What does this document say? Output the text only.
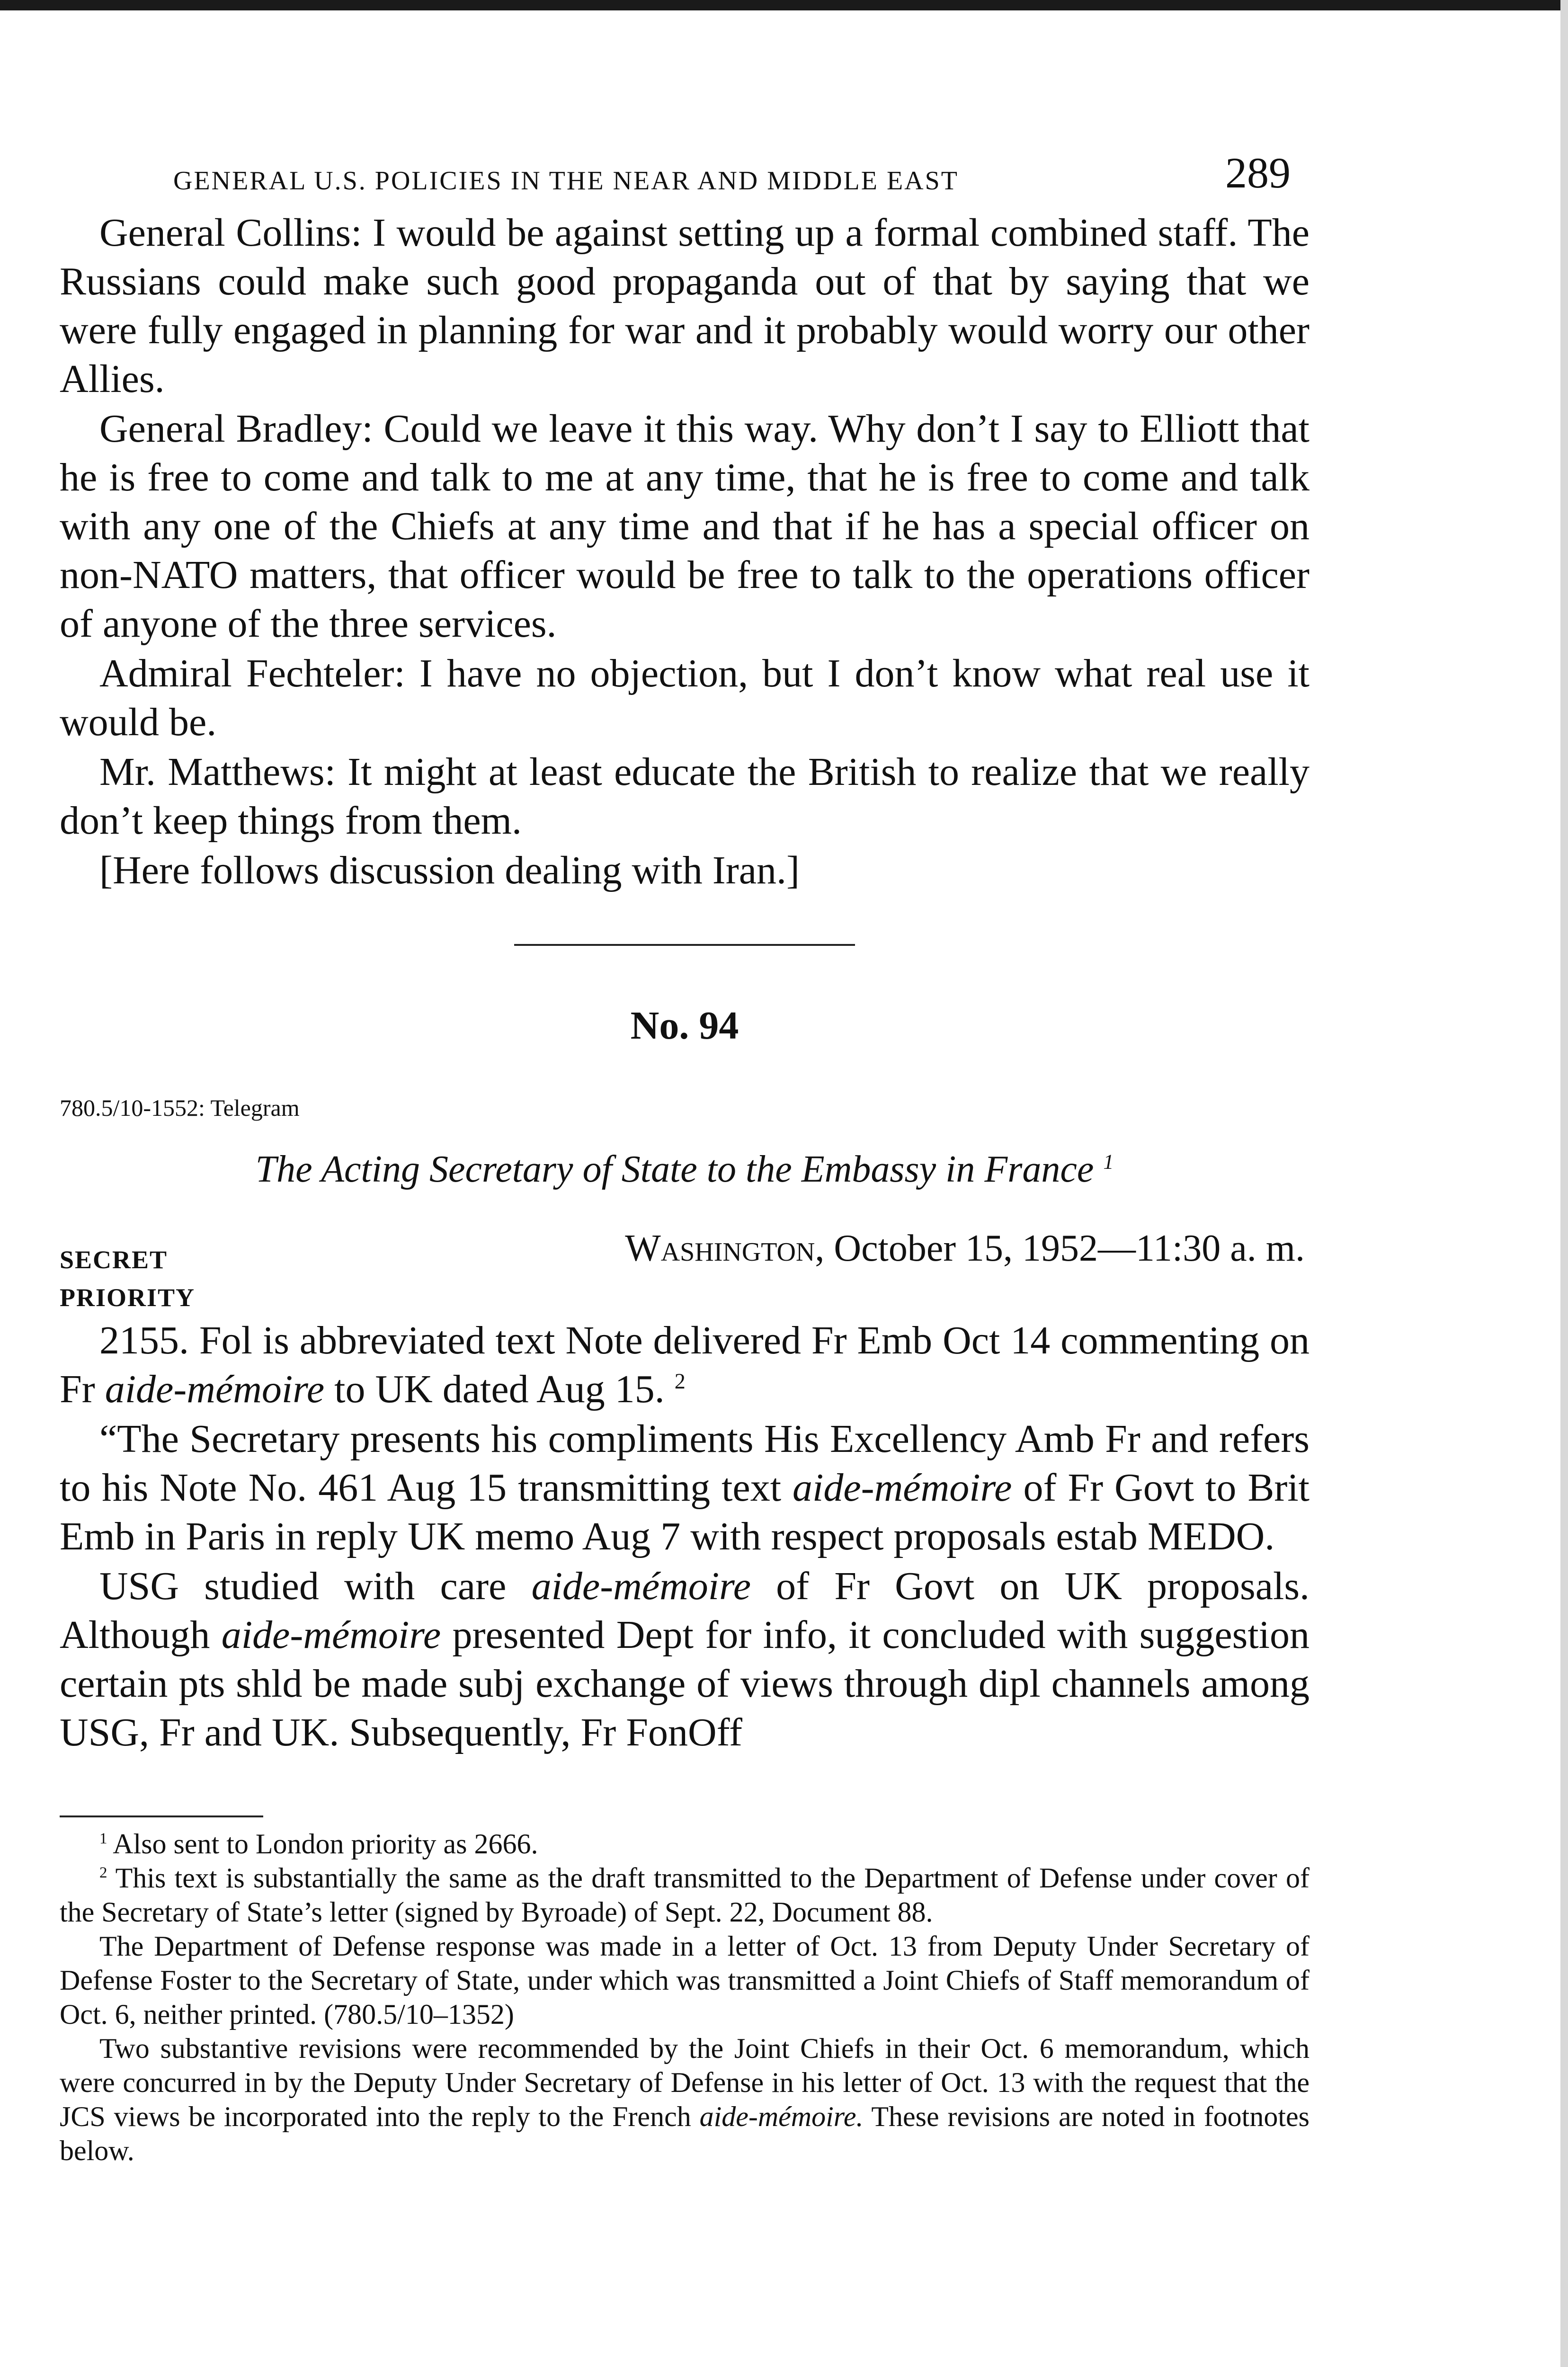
GENERAL U.S. POLICIES IN THE NEAR AND MIDDLE EAST	289

General Collins: I would be against setting up a formal combined staff. The Russians could make such good propaganda out of that by saying that we were fully engaged in planning for war and it probably would worry our other Allies.

General Bradley: Could we leave it this way. Why don’t I say to Elliott that he is free to come and talk to me at any time, that he is free to come and talk with any one of the Chiefs at any time and that if he has a special officer on non-NATO matters, that officer would be free to talk to the operations officer of anyone of the three services.

Admiral Fechteler: I have no objection, but I don’t know what real use it would be.

Mr. Matthews: It might at least educate the British to realize that we really don’t keep things from them.

[Here follows discussion dealing with Iran.]

No. 94
780.5/10-1552: Telegram
The Acting Secretary of State to the Embassy in France $^1$
SECRET
PRIORITY
Washington, October 15, 1952—11:30 a. m.

2155. Fol is abbreviated text Note delivered Fr Emb Oct 14 commenting on Fr aide-mémoire to UK dated Aug 15. $^2$

“The Secretary presents his compliments His Excellency Amb Fr and refers to his Note No. 461 Aug 15 transmitting text aide-mémoire of Fr Govt to Brit Emb in Paris in reply UK memo Aug 7 with respect proposals estab MEDO.

USG studied with care aide-mémoire of Fr Govt on UK proposals. Although aide-mémoire presented Dept for info, it concluded with suggestion certain pts shld be made subj exchange of views through dipl channels among USG, Fr and UK. Subsequently, Fr FonOff

$^1$ Also sent to London priority as 2666.

$^2$ This text is substantially the same as the draft transmitted to the Department of Defense under cover of the Secretary of State’s letter (signed by Byroade) of Sept. 22, Document 88.

The Department of Defense response was made in a letter of Oct. 13 from Deputy Under Secretary of Defense Foster to the Secretary of State, under which was transmitted a Joint Chiefs of Staff memorandum of Oct. 6, neither printed. (780.5/10–1352)

Two substantive revisions were recommended by the Joint Chiefs in their Oct. 6 memorandum, which were concurred in by the Deputy Under Secretary of Defense in his letter of Oct. 13 with the request that the JCS views be incorporated into the reply to the French aide-mémoire. These revisions are noted in footnotes below.
